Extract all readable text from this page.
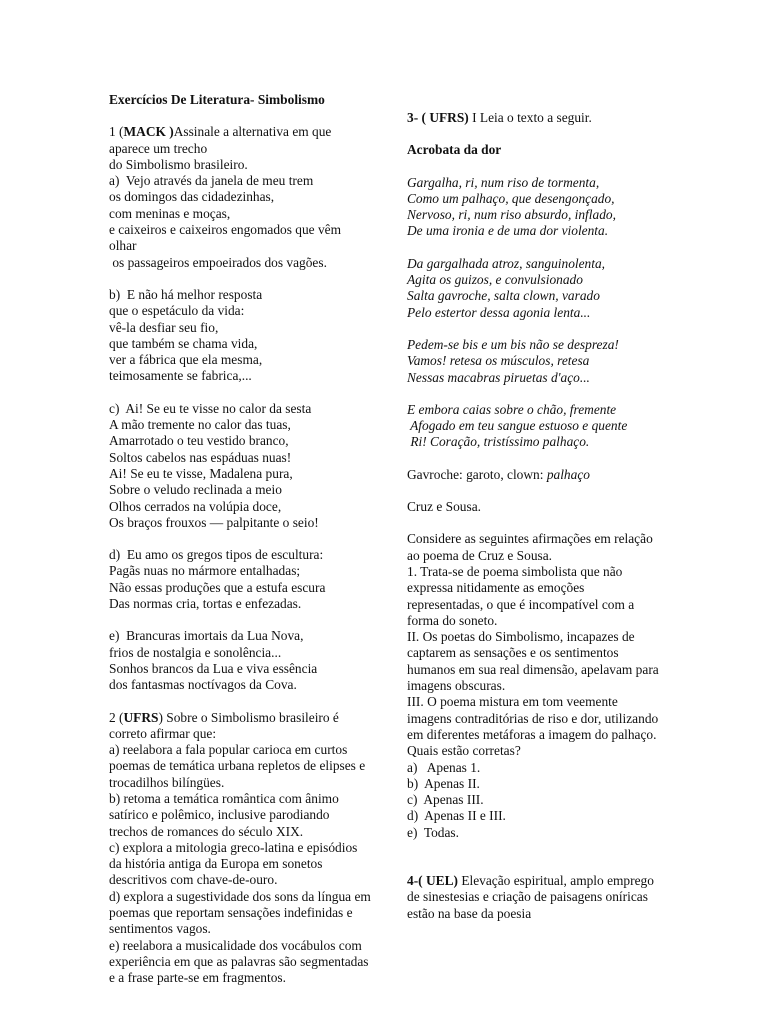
Exercícios De Literatura- Simbolismo
1 (MACK )Assinale a alternativa em que aparece um trecho
do Simbolismo brasileiro.
a)  Vejo através da janela de meu trem
os domingos das cidadezinhas,
com meninas e moças,
e caixeiros e caixeiros engomados que vêm olhar
os passageiros empoeirados dos vagões.
b)  E não há melhor resposta
que o espetáculo da vida:
vê-la desfiar seu fio,
que também se chama vida,
ver a fábrica que ela mesma,
teimosamente se fabrica,...
c)  Ai! Se eu te visse no calor da sesta
A mão tremente no calor das tuas,
Amarrotado o teu vestido branco,
Soltos cabelos nas espáduas nuas!
Ai! Se eu te visse, Madalena pura,
Sobre o veludo reclinada a meio
Olhos cerrados na volúpia doce,
Os braços frouxos — palpitante o seio!
d)  Eu amo os gregos tipos de escultura:
Pagãs nuas no mármore entalhadas;
Não essas produções que a estufa escura
Das normas cria, tortas e enfezadas.
e)  Brancuras imortais da Lua Nova,
frios de nostalgia e sonolência...
Sonhos brancos da Lua e viva essência
dos fantasmas noctívagos da Cova.
2 (UFRS) Sobre o Simbolismo brasileiro é correto afirmar que:
a) reelabora a fala popular carioca em curtos poemas de temática urbana repletos de elipses e trocadilhos bilíngües.
b) retoma a temática romântica com ânimo satírico e polêmico, inclusive parodiando trechos de romances do século XIX.
c) explora a mitologia greco-latina e episódios da história antiga da Europa em sonetos descritivos com chave-de-ouro.
d) explora a sugestividade dos sons da língua em poemas que reportam sensações indefinidas e sentimentos vagos.
e) reelabora a musicalidade dos vocábulos com experiência em que as palavras são segmentadas e a frase parte-se em fragmentos.
3- ( UFRS) I Leia o texto a seguir.
Acrobata da dor
Gargalha, ri, num riso de tormenta,
Como um palhaço, que desengonçado,
Nervoso, ri, num riso absurdo, inflado,
De uma ironia e de uma dor violenta.
Da gargalhada atroz, sanguinolenta,
Agita os guizos, e convulsionado
Salta gavroche, salta clown, varado
Pelo estertor dessa agonia lenta...
Pedem-se bis e um bis não se despreza!
Vamos! retesa os músculos, retesa
Nessas macabras piruetas d'aço...
E embora caias sobre o chão, fremente
Afogado em teu sangue estuoso e quente
Ri! Coração, tristíssimo palhaço.
Gavroche: garoto, clown: palhaço
Cruz e Sousa.
Considere as seguintes afirmações em relação ao poema de Cruz e Sousa.
1. Trata-se de poema simbolista que não expressa nitidamente as emoções representadas, o que é incompatível com a forma do soneto.
II. Os poetas do Simbolismo, incapazes de captarem as sensações e os sentimentos humanos em sua real dimensão, apelavam para imagens obscuras.
III. O poema mistura em tom veemente imagens contraditórias de riso e dor, utilizando em diferentes metáforas a imagem do palhaço.
Quais estão corretas?
a)   Apenas 1.
b)  Apenas II.
c)  Apenas III.
d)  Apenas II e III.
e)  Todas.
4-( UEL) Elevação espiritual, amplo emprego de sinestesias e criação de paisagens oníricas estão na base da poesia
